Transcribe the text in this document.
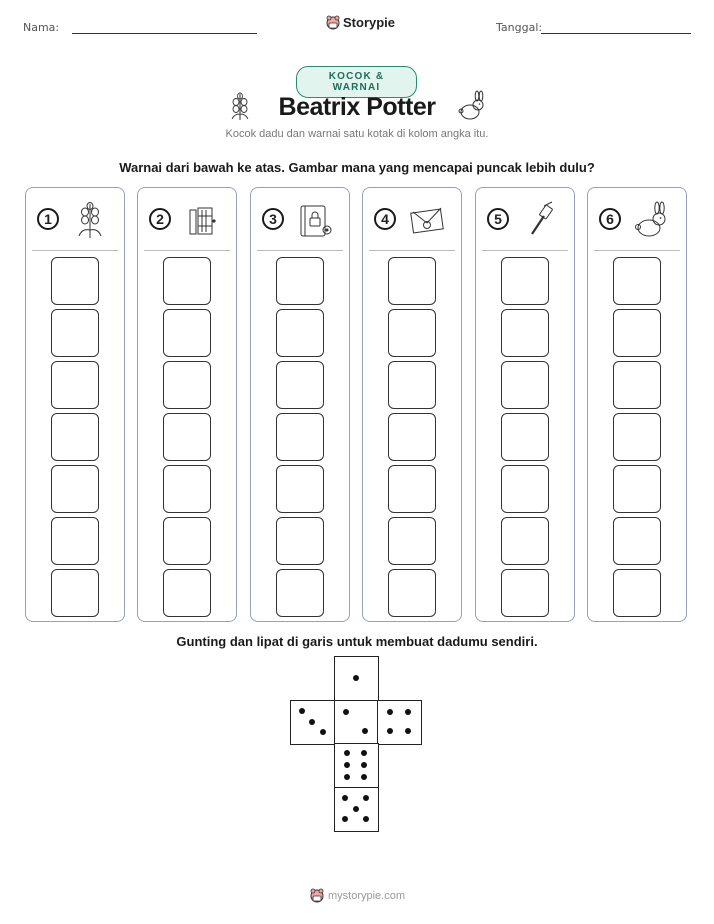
Nama:	Storypie	Tanggal:
KOCOK & WARNAI
Beatrix Potter
Kocok dadu dan warnai satu kotak di kolom angka itu.
Warnai dari bawah ke atas. Gambar mana yang mencapai puncak lebih dulu?
1	2	3	4	5	6
Gunting dan lipat di garis untuk membuat dadumu sendiri.
mystorypie.com
